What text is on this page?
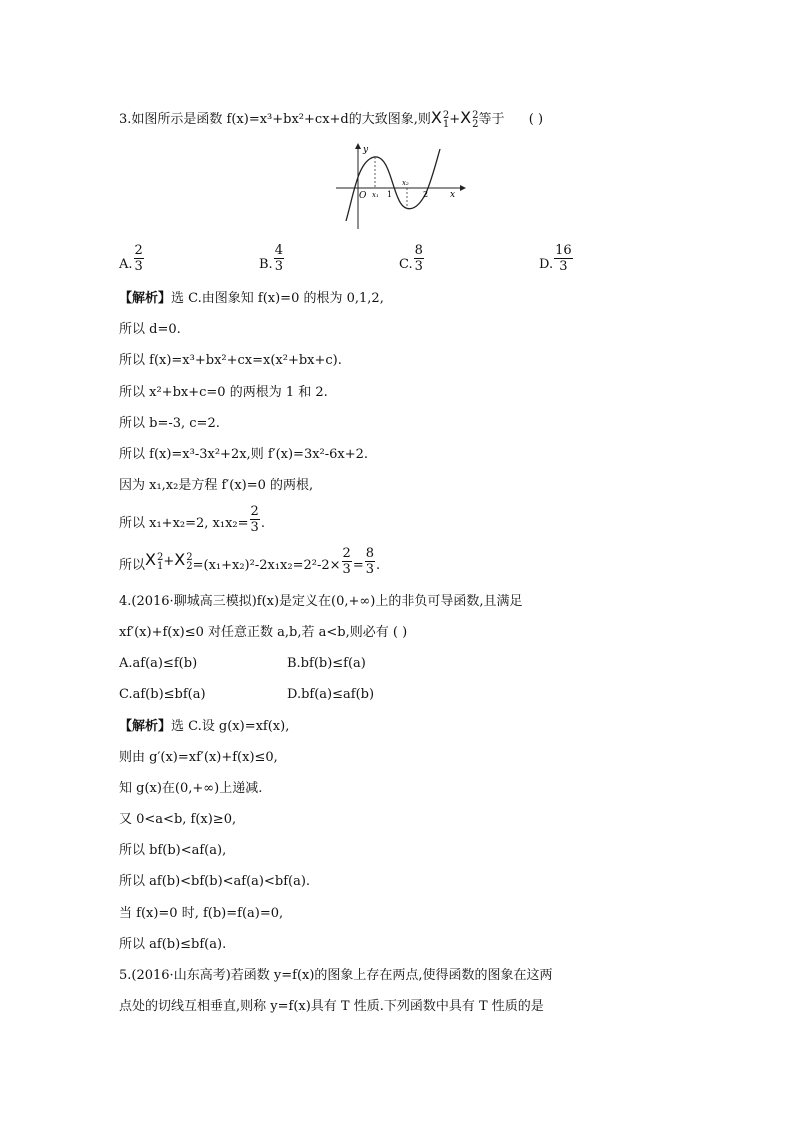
3.如图所示是函数 f(x)=x³+bx²+cx+d的大致图象,则X 2
1 +X 2
2 等于 ( )
y
O x₁ 1
x₂
2 x
A. $\frac{2}{3}$	B. $\frac{4}{3}$	C. $\frac{8}{3}$	D. $\frac{16}{3}$
【解析】选 C.由图象知 f(x)=0 的根为 0,1,2,
所以 d=0.
所以 f(x)=x³+bx²+cx=x(x²+bx+c).
所以 x²+bx+c=0 的两根为 1 和 2.
所以 b=-3, c=2.
所以 f(x)=x³-3x²+2x,则 f′(x)=3x²-6x+2.
因为 x₁,x₂是方程 f′(x)=0 的两根,
所以 x₁+x₂=2, $x_1x_2= \frac{2}{3}$ .
所以X 2
1 +X 2
$2 =(x_1+x_2)^2-2x_1x_2=2^2-2\times \frac{2}{3} = \frac{8}{3}$ .
4.(2016·聊城高三模拟)f(x)是定义在(0,+∞)上的非负可导函数,且满足
xf′(x)+f(x)≤0 对任意正数 a,b,若 a<b,则必有 ( )
A.af(a)≤f(b)	B.bf(b)≤f(a)
C.af(b)≤bf(a)	D.bf(a)≤af(b)
【解析】选 C.设 g(x)=xf(x),
则由 g′(x)=xf′(x)+f(x)≤0,
知 g(x)在(0,+∞)上递减.
又 0<a<b, f(x)≥0,
所以 bf(b)<af(a),
所以 af(b)<bf(b)<af(a)<bf(a).
当 f(x)=0 时, f(b)=f(a)=0,
所以 af(b)≤bf(a).
5.(2016·山东高考)若函数 y=f(x)的图象上存在两点,使得函数的图象在这两
点处的切线互相垂直,则称 y=f(x)具有 T 性质.下列函数中具有 T 性质的是
